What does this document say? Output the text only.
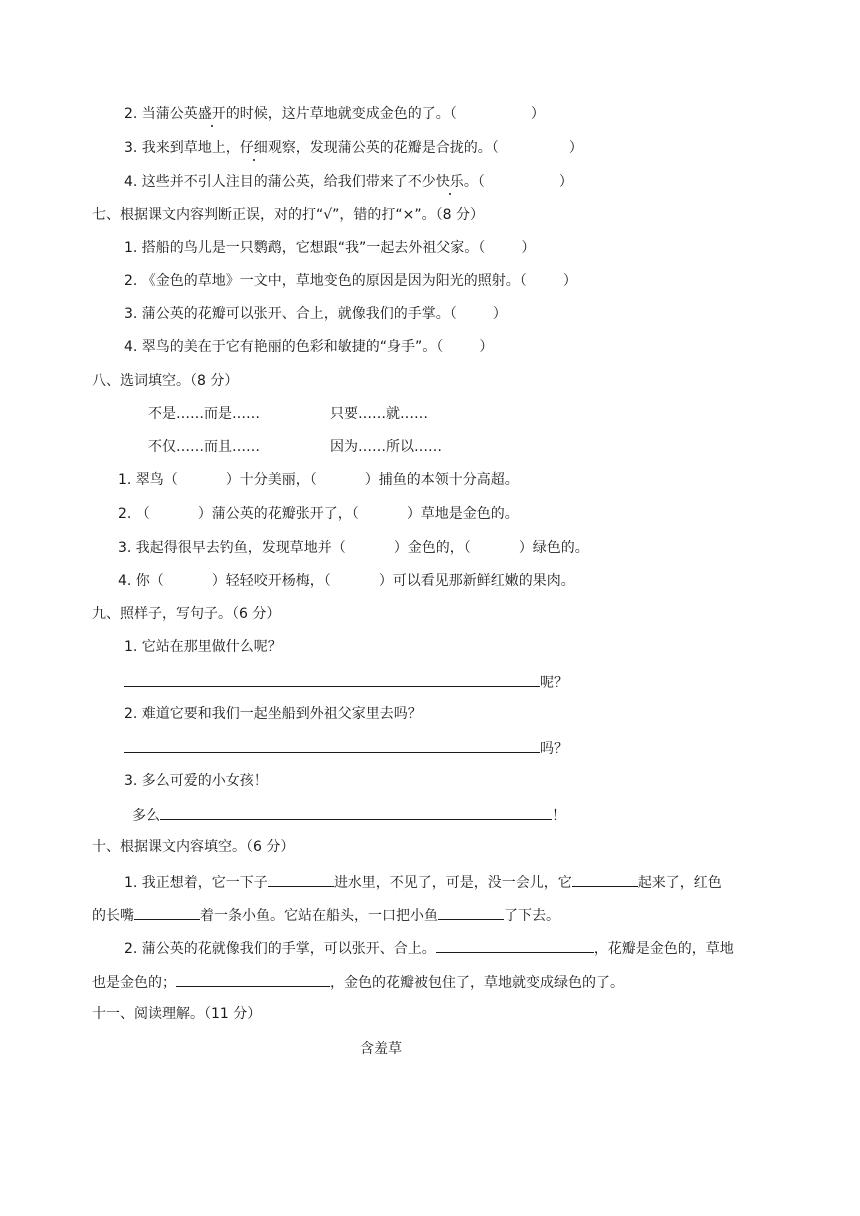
2. 当蒲公英盛开的时候，这片草地就变成金色的了。（	）
3. 我来到草地上，仔细观察，发现蒲公英的花瓣是合拢的。（	）
4. 这些并不引人注目的蒲公英，给我们带来了不少快乐。（	）
七、根据课文内容判断正误，对的打“√”，错的打“×”。（8 分）
1. 搭船的鸟儿是一只鹦鹉，它想跟“我”一起去外祖父家。（	）
2. 《金色的草地》一文中，草地变色的原因是因为阳光的照射。（	）
3. 蒲公英的花瓣可以张开、合上，就像我们的手掌。（	）
4. 翠鸟的美在于它有艳丽的色彩和敏捷的“身手”。（	）
八、选词填空。（8 分）
不是……而是……	只要……就……
不仅……而且……	因为……所以……
1. 翠鸟（	）十分美丽，（	）捕鱼的本领十分高超。
2. （	）蒲公英的花瓣张开了，（	）草地是金色的。
3. 我起得很早去钓鱼，发现草地并（	）金色的，（	）绿色的。
4. 你（	）轻轻咬开杨梅，（	）可以看见那新鲜红嫩的果肉。
九、照样子，写句子。（6 分）
1. 它站在那里做什么呢？
呢？
2. 难道它要和我们一起坐船到外祖父家里去吗？
吗？
3. 多么可爱的小女孩！
多么	！
十、根据课文内容填空。（6 分）
1. 我正想着，它一下子	进水里，不见了，可是，没一会儿，它	起来了，红色
的长嘴	着一条小鱼。它站在船头，一口把小鱼	了下去。
2. 蒲公英的花就像我们的手掌，可以张开、合上。	，花瓣是金色的，草地
也是金色的；	，金色的花瓣被包住了，草地就变成绿色的了。
十一、阅读理解。（11 分）
含羞草
